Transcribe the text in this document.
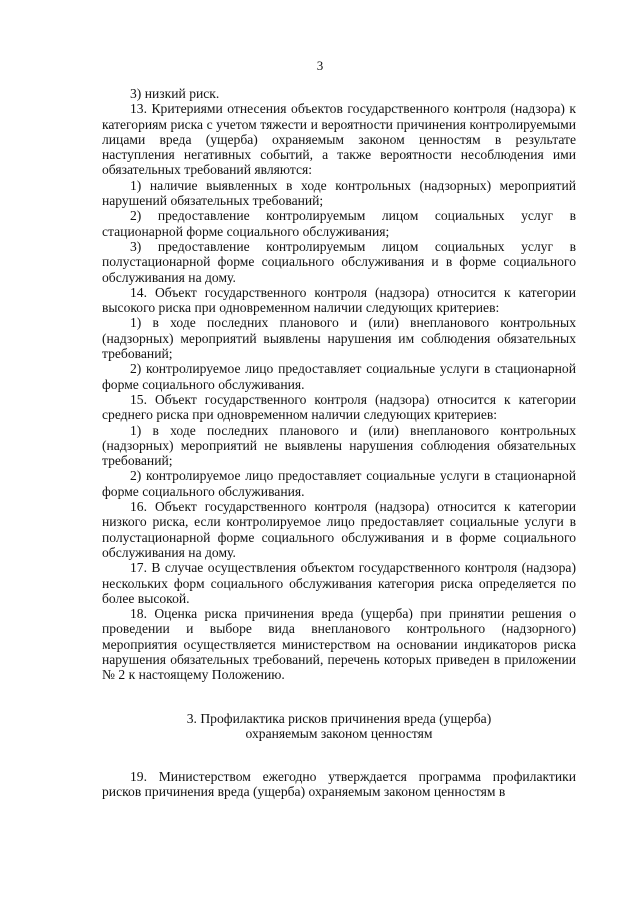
3

3) низкий риск.

13. Критериями отнесения объектов государственного контроля (надзора) к категориям риска с учетом тяжести и вероятности причинения контролируемыми лицами вреда (ущерба) охраняемым законом ценностям в результате наступления негативных событий, а также вероятности несоблюдения ими обязательных требований являются:

1) наличие выявленных в ходе контрольных (надзорных) мероприятий нарушений обязательных требований;

2) предоставление контролируемым лицом социальных услуг в стационарной форме социального обслуживания;

3) предоставление контролируемым лицом социальных услуг в полустационарной форме социального обслуживания и в форме социального обслуживания на дому.

14. Объект государственного контроля (надзора) относится к категории высокого риска при одновременном наличии следующих критериев:

1) в ходе последних планового и (или) внепланового контрольных (надзорных) мероприятий выявлены нарушения им соблюдения обязательных требований;

2) контролируемое лицо предоставляет социальные услуги в стационарной форме социального обслуживания.

15. Объект государственного контроля (надзора) относится к категории среднего риска при одновременном наличии следующих критериев:

1) в ходе последних планового и (или) внепланового контрольных (надзорных) мероприятий не выявлены нарушения соблюдения обязательных требований;

2) контролируемое лицо предоставляет социальные услуги в стационарной форме социального обслуживания.

16. Объект государственного контроля (надзора) относится к категории низкого риска, если контролируемое лицо предоставляет социальные услуги в полустационарной форме социального обслуживания и в форме социального обслуживания на дому.

17. В случае осуществления объектом государственного контроля (надзора) нескольких форм социального обслуживания категория риска определяется по более высокой.

18. Оценка риска причинения вреда (ущерба) при принятии решения о проведении и выборе вида внепланового контрольного (надзорного) мероприятия осуществляется министерством на основании индикаторов риска нарушения обязательных требований, перечень которых приведен в приложении № 2 к настоящему Положению.

3. Профилактика рисков причинения вреда (ущерба)

охраняемым законом ценностям

19. Министерством ежегодно утверждается программа профилактики рисков причинения вреда (ущерба) охраняемым законом ценностям в
